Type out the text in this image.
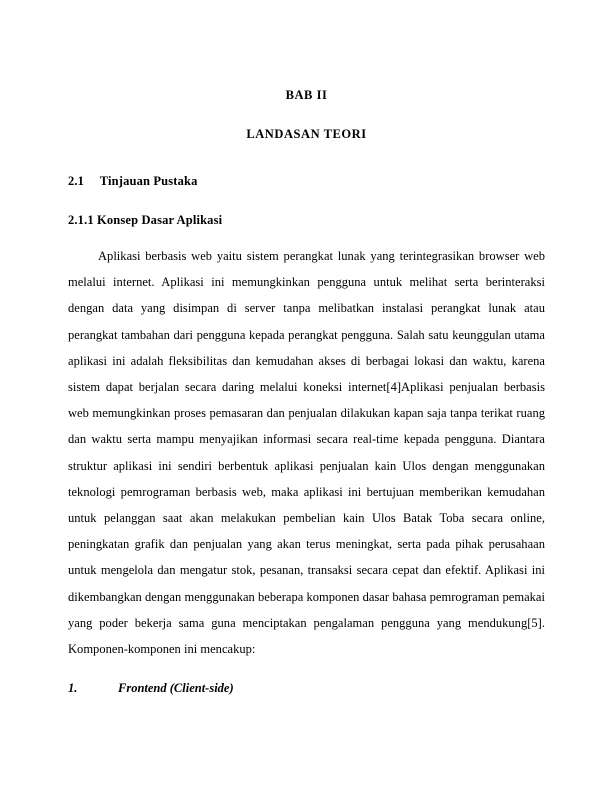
BAB II
LANDASAN TEORI
2.1  Tinjauan Pustaka
2.1.1 Konsep Dasar Aplikasi

Aplikasi berbasis web yaitu sistem perangkat lunak yang terintegrasikan browser web melalui internet. Aplikasi ini memungkinkan pengguna untuk melihat serta berinteraksi dengan data yang disimpan di server tanpa melibatkan instalasi perangkat lunak atau perangkat tambahan dari pengguna kepada perangkat pengguna. Salah satu keunggulan utama aplikasi ini adalah fleksibilitas dan kemudahan akses di berbagai lokasi dan waktu, karena sistem dapat berjalan secara daring melalui koneksi internet[4]Aplikasi penjualan berbasis web memungkinkan proses pemasaran dan penjualan dilakukan kapan saja tanpa terikat ruang dan waktu serta mampu menyajikan informasi secara real-time kepada pengguna. Diantara struktur aplikasi ini sendiri berbentuk aplikasi penjualan kain Ulos dengan menggunakan teknologi pemrograman berbasis web, maka aplikasi ini bertujuan memberikan kemudahan untuk pelanggan saat akan melakukan pembelian kain Ulos Batak Toba secara online, peningkatan grafik dan penjualan yang akan terus meningkat, serta pada pihak perusahaan untuk mengelola dan mengatur stok, pesanan, transaksi secara cepat dan efektif. Aplikasi ini dikembangkan dengan menggunakan beberapa komponen dasar bahasa pemrograman pemakai yang poder bekerja sama guna menciptakan pengalaman pengguna yang mendukung[5]. Komponen-komponen ini mencakup:

1.			Frontend (Client-side)
